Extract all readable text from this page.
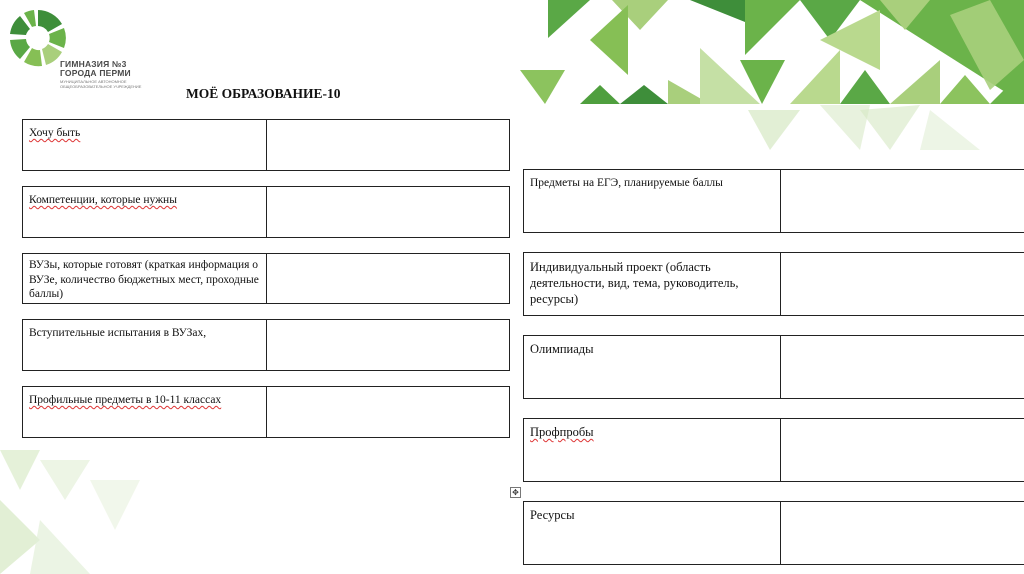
ГИМНАЗИЯ №3
ГОРОДА ПЕРМИ
МУНИЦИПАЛЬНОЕ АВТОНОМНОЕ
ОБЩЕОБРАЗОВАТЕЛЬНОЕ УЧРЕЖДЕНИЕ	МОЁ ОБРАЗОВАНИЕ-10
Хочу быть
Компетенции, которые нужны
ВУЗы, которые готовят (краткая информация о ВУЗе, количество бюджетных мест, проходные баллы)
Вступительные испытания в ВУЗах,
Профильные предметы в 10-11 классах
Предметы на ЕГЭ, планируемые баллы
Индивидуальный проект (область деятельности, вид, тема, руководитель, ресурсы)
Олимпиады
Профпробы
Ресурсы
✥
